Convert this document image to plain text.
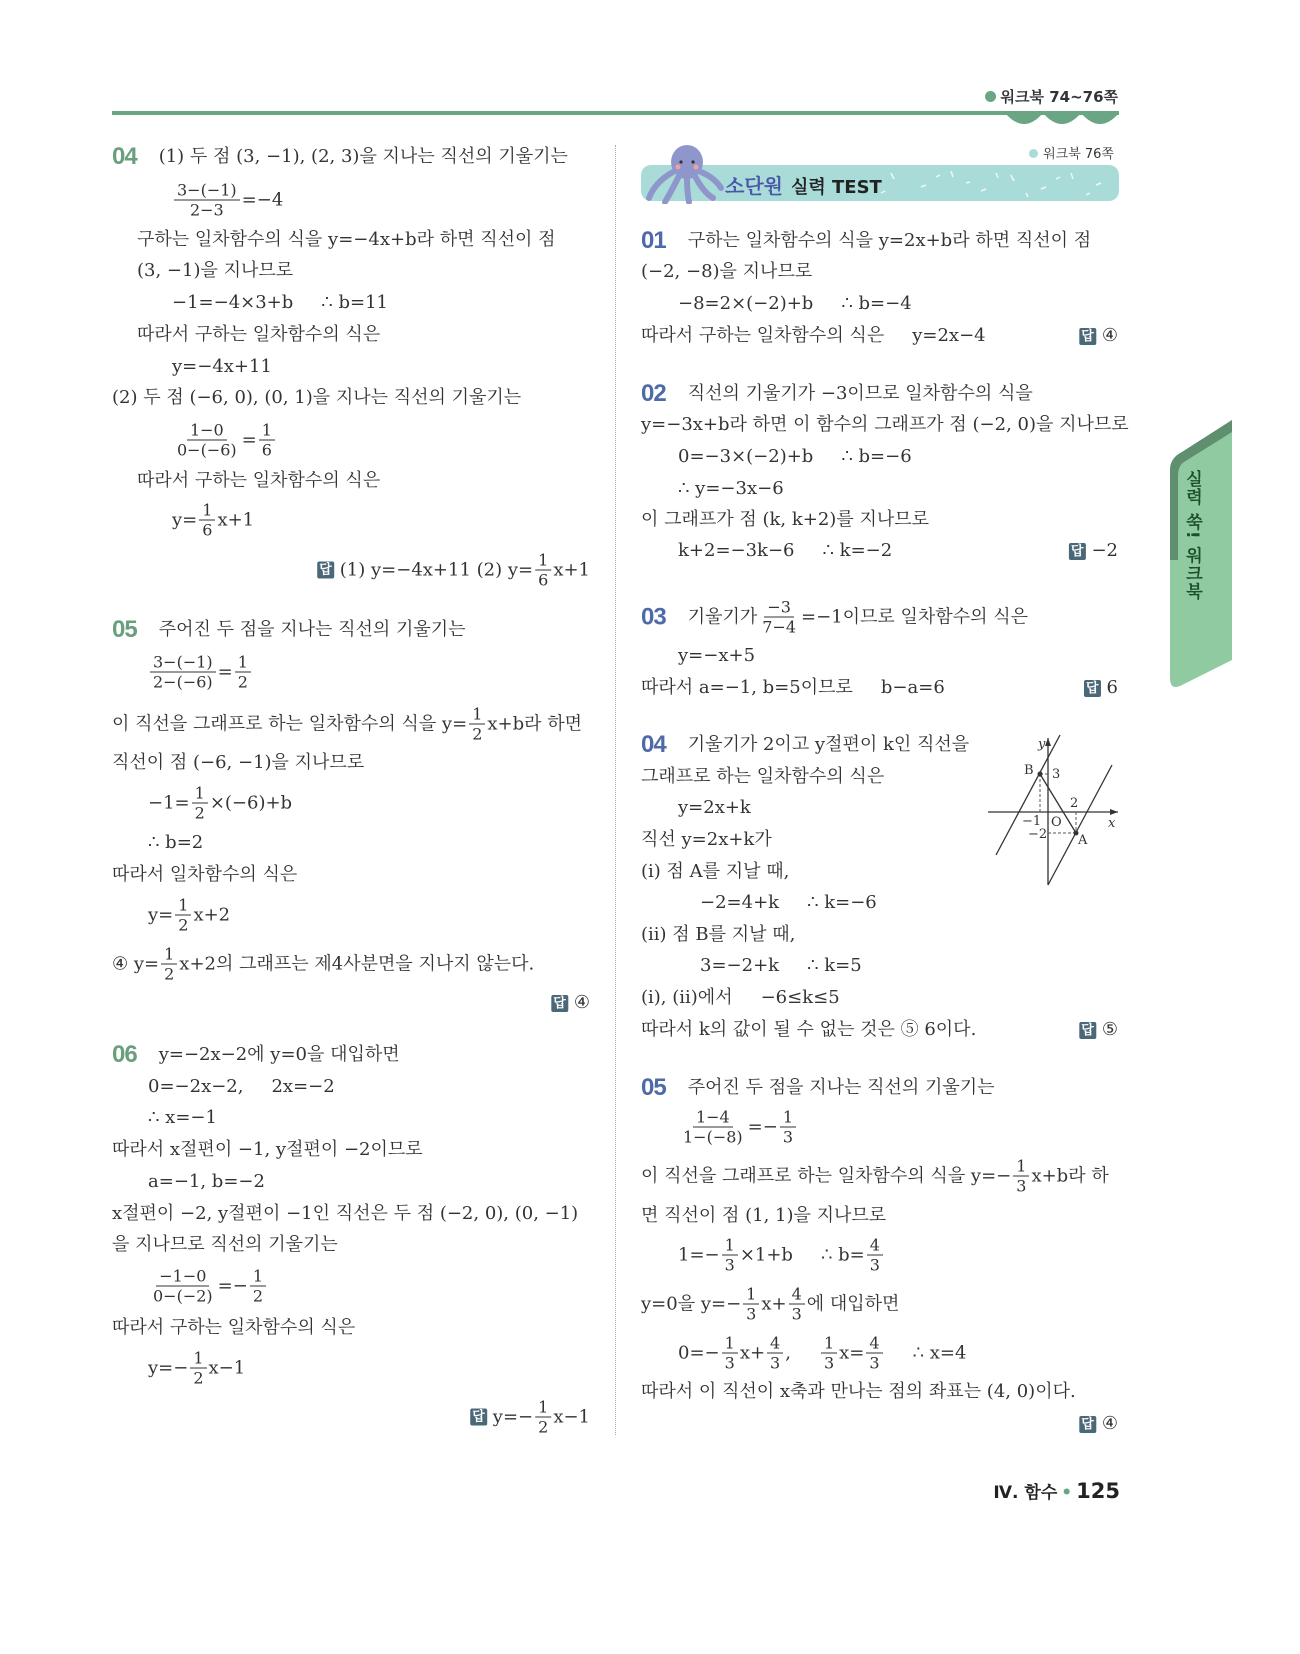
워크북 74~76쪽
워크북 76쪽
소단원 실력 TEST
실력 쑥! 워크북
04 (1) 두 점 (3, −1), (2, 3)을 지나는 직선의 기울기는
$\frac{3-(-1)}{2-3} =-4$
구하는 일차함수의 식을 y=−4x+b라 하면 직선이 점
(3, −1)을 지나므로
−1=−4×3+b ∴ b=11
따라서 구하는 일차함수의 식은
y=−4x+11
(2) 두 점 (−6, 0), (0, 1)을 지나는 직선의 기울기는
$\frac{1-0}{0-(-6)} = \frac{1}{6}$
따라서 구하는 일차함수의 식은
$y= \frac{1}{6} x+1$
답 (1) y=−4x+11 (2) $y= \frac{1}{6} x+1$
05 주어진 두 점을 지나는 직선의 기울기는
$\frac{3-(-1)}{2-(-6)} = \frac{1}{2}$
이 직선을 그래프로 하는 일차함수의 식을 $y= \frac{1}{2} x+b$라 하면
직선이 점 (−6, −1)을 지나므로
$-1= \frac{1}{2} \times(-6)+b$
∴ b=2
따라서 일차함수의 식은
$y= \frac{1}{2} x+2$
④ $y= \frac{1}{2} x+2$의 그래프는 제4사분면을 지나지 않는다.
답 ④
06 y=−2x−2에 y=0을 대입하면
0=−2x−2, 2x=−2
∴ x=−1
따라서 x절편이 −1, y절편이 −2이므로
a=−1, b=−2
x절편이 −2, y절편이 −1인 직선은 두 점 (−2, 0), (0, −1)
을 지나므로 직선의 기울기는
$\frac{-1-0}{0-(-2)} =- \frac{1}{2}$
따라서 구하는 일차함수의 식은
$y=- \frac{1}{2} x-1$
답 $y=- \frac{1}{2} x-1$
01 구하는 일차함수의 식을 y=2x+b라 하면 직선이 점
(−2, −8)을 지나므로
−8=2×(−2)+b ∴ b=−4
따라서 구하는 일차함수의 식은 y=2x−4	답 ④
02 직선의 기울기가 −3이므로 일차함수의 식을
y=−3x+b라 하면 이 함수의 그래프가 점 (−2, 0)을 지나므로
0=−3×(−2)+b ∴ b=−6
∴ y=−3x−6
이 그래프가 점 (k, k+2)를 지나므로
k+2=−3k−6 ∴ k=−2	답 −2
03 기울기가 $\frac{-3}{7-4} =-1$이므로 일차함수의 식은
y=−x+5
따라서 a=−1, b=5이므로 b−a=6	답 6
04 기울기가 2이고 y절편이 k인 직선을
그래프로 하는 일차함수의 식은
y=2x+k
직선 y=2x+k가
(i) 점 A를 지날 때,
−2=4+k ∴ k=−6
(ii) 점 B를 지날 때,
3=−2+k ∴ k=5
(i), (ii)에서 −6≤k≤5
따라서 k의 값이 될 수 없는 것은 ⑤ 6이다.	답 ⑤
05 주어진 두 점을 지나는 직선의 기울기는
$\frac{1-4}{1-(-8)} =- \frac{1}{3}$
이 직선을 그래프로 하는 일차함수의 식을 $y=- \frac{1}{3} x+b$라 하
면 직선이 점 (1, 1)을 지나므로
$1=- \frac{1}{3} \times 1+b$ ∴ $b= \frac{4}{3}$
y=0을 $y=- \frac{1}{3} x+ \frac{4}{3}$ 에 대입하면
$0=- \frac{1}{3} x+ \frac{4}{3}$ , $\frac{1}{3} x= \frac{4}{3}$ ∴ x=4
따라서 이 직선이 x축과 만나는 점의 좌표는 (4, 0)이다.
답 ④
y
x
B
A
O
3
2
−1
−2
Ⅳ. 함수 • 125
